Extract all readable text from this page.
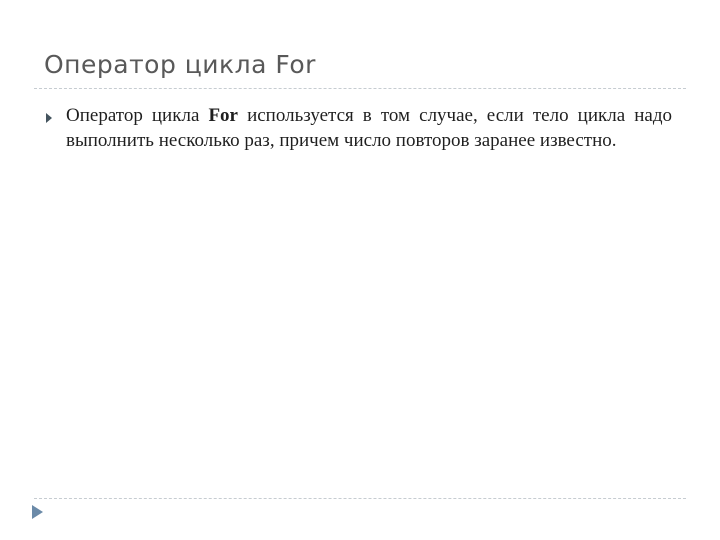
Оператор цикла For

Оператор цикла For используется в том случае, если тело цикла надо выполнить несколько раз, причем число повторов заранее известно.
